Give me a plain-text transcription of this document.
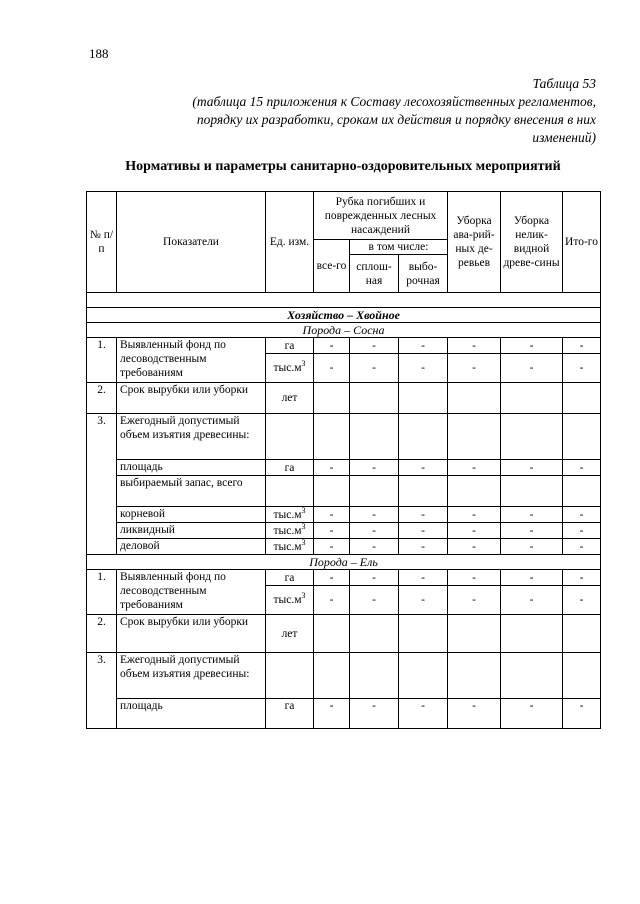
188
Таблица 53
(таблица 15 приложения к Составу лесохозяйственных регламентов,
порядку их разработки, срокам их действия и порядку внесения в них
изменений)
Нормативы и параметры санитарно-оздоровительных мероприятий
№ п/п	Показатели	Ед. изм.	Рубка погибших и поврежденных лесных насаждений			Уборка ава-рий-ных де-ревьев	Уборка нелик-видной древе-сины	Ито-го
			все-го	в том числе:				
				сплош-ная	выбо-рочная			

Хозяйство – Хвойное								
Порода – Сосна								
1.	Выявленный фонд по лесоводственным требованиям	га	-	-	-	-	-	-
		$тыс.м^3$	-	-	-	-	-	-
2.	Срок вырубки или уборки	лет						
3.	Ежегодный допустимый объем изъятия древесины:							
	площадь	га	-	-	-	-	-	-
	выбираемый запас, всего							
	корневой	$тыс.м^3$	-	-	-	-	-	-
	ликвидный	$тыс.м^3$	-	-	-	-	-	-
	деловой	$тыс.м^3$	-	-	-	-	-	-
Порода – Ель								
1.	Выявленный фонд по лесоводственным требованиям	га	-	-	-	-	-	-
		$тыс.м^3$	-	-	-	-	-	-
2.	Срок вырубки или уборки	лет						
3.	Ежегодный допустимый объем изъятия древесины:							
	площадь	га	-	-	-	-	-	-
